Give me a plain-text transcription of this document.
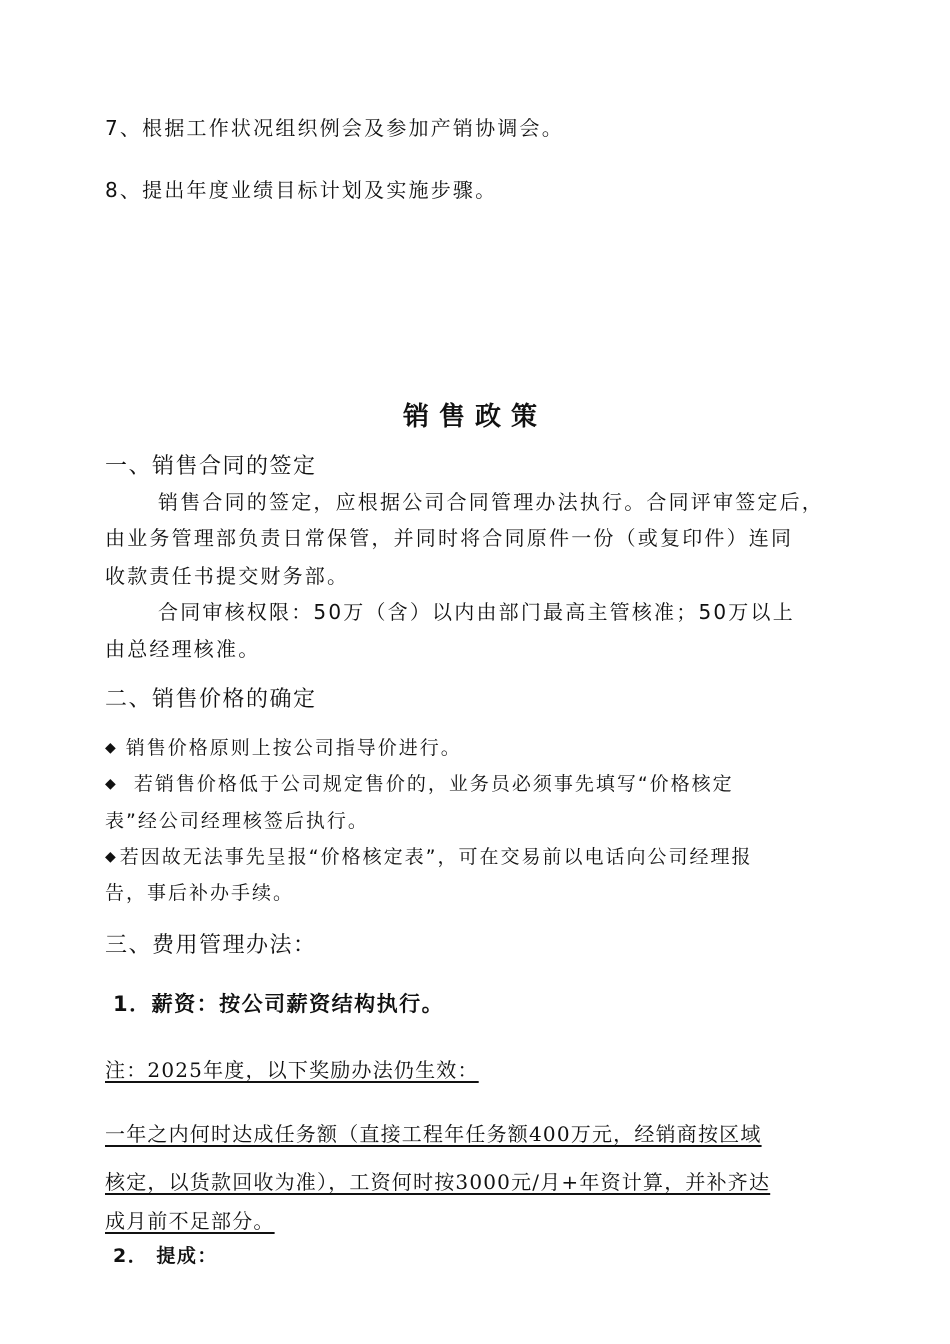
7、根据工作状况组织例会及参加产销协调会。
8、提出年度业绩目标计划及实施步骤。
销售政策
一、销售合同的签定
销售合同的签定，应根据公司合同管理办法执行。合同评审签定后，
由业务管理部负责日常保管，并同时将合同原件一份（或复印件）连同
收款责任书提交财务部。
合同审核权限：50万（含）以内由部门最高主管核准；50万以上
由总经理核准。
二、销售价格的确定
◆ 销售价格原则上按公司指导价进行。
◆ 若销售价格低于公司规定售价的，业务员必须事先填写“价格核定
表”经公司经理核签后执行。
◆ 若因故无法事先呈报“价格核定表”，可在交易前以电话向公司经理报
告，事后补办手续。
三、费用管理办法：
1．薪资：按公司薪资结构执行。
注：2025年度，以下奖励办法仍生效：
一年之内何时达成任务额（直接工程年任务额400万元，经销商按区域
核定，以货款回收为准），工资何时按3000元/月+年资计算，并补齐达
成月前不足部分。
2． 提成：
